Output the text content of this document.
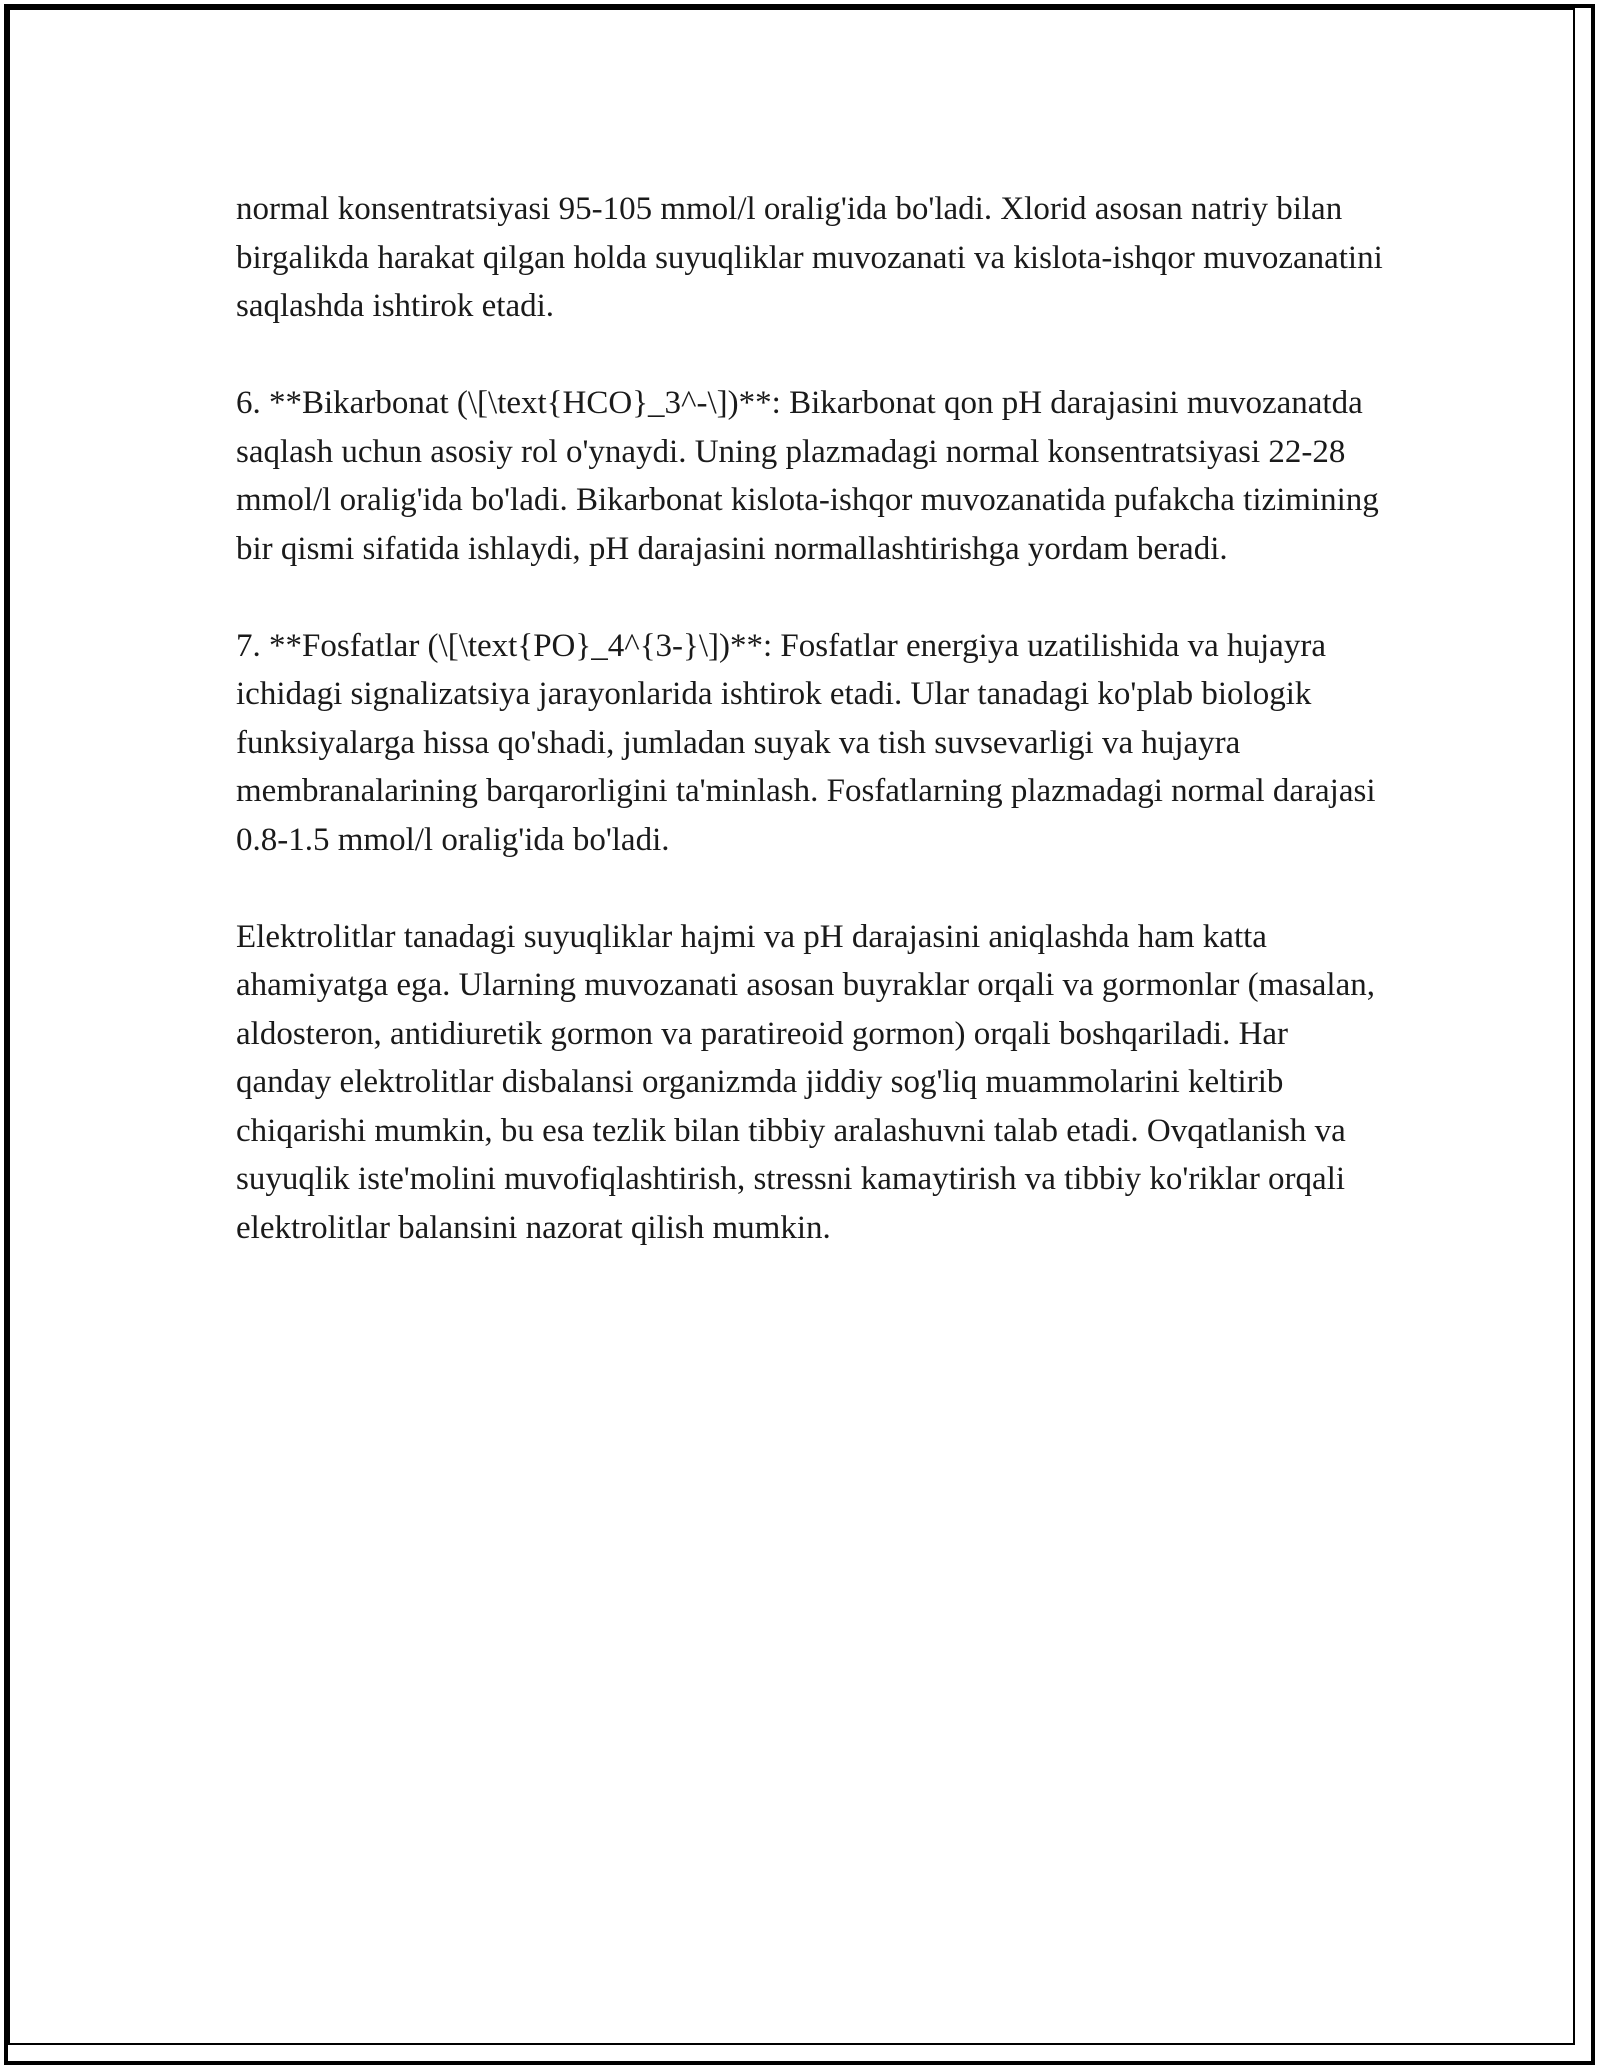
normal konsentratsiyasi 95-105 mmol/l oralig'ida bo'ladi. Xlorid asosan natriy bilan birgalikda harakat qilgan holda suyuqliklar muvozanati va kislota-ishqor muvozanatini saqlashda ishtirok etadi.

6. **Bikarbonat (\[\text{HCO}_3^-\])**: Bikarbonat qon pH darajasini muvozanatda saqlash uchun asosiy rol o'ynaydi. Uning plazmadagi normal konsentratsiyasi 22-28 mmol/l oralig'ida bo'ladi. Bikarbonat kislota-ishqor muvozanatida pufakcha tizimining bir qismi sifatida ishlaydi, pH darajasini normallashtirishga yordam beradi.

7. **Fosfatlar (\[\text{PO}_4^{3-}\])**: Fosfatlar energiya uzatilishida va hujayra ichidagi signalizatsiya jarayonlarida ishtirok etadi. Ular tanadagi ko'plab biologik funksiyalarga hissa qo'shadi, jumladan suyak va tish suvsevarligi va hujayra membranalarining barqarorligini ta'minlash. Fosfatlarning plazmadagi normal darajasi 0.8-1.5 mmol/l oralig'ida bo'ladi.

Elektrolitlar tanadagi suyuqliklar hajmi va pH darajasini aniqlashda ham katta ahamiyatga ega. Ularning muvozanati asosan buyraklar orqali va gormonlar (masalan, aldosteron, antidiuretik gormon va paratireoid gormon) orqali boshqariladi. Har qanday elektrolitlar disbalansi organizmda jiddiy sog'liq muammolarini keltirib chiqarishi mumkin, bu esa tezlik bilan tibbiy aralashuvni talab etadi. Ovqatlanish va suyuqlik iste'molini muvofiqlashtirish, stressni kamaytirish va tibbiy ko'riklar orqali elektrolitlar balansini nazorat qilish mumkin.
